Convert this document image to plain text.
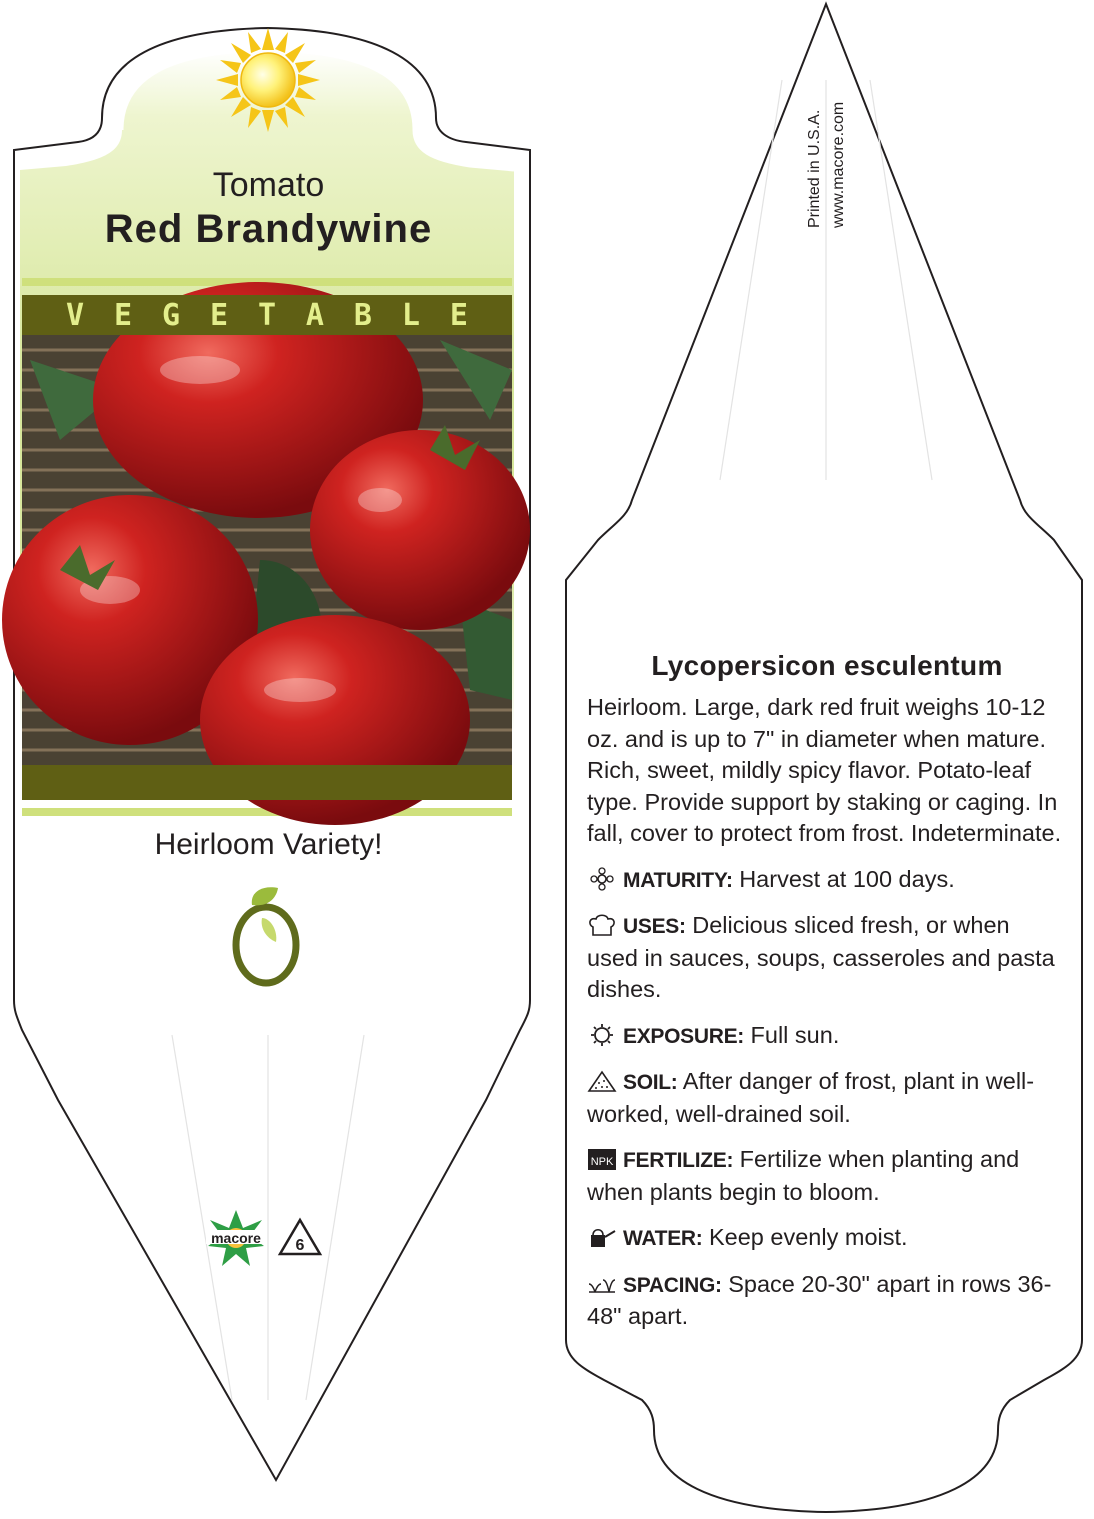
Tomato
Red Brandywine
V E G E T A B L E
Heirloom Variety!
macore	6
Printed in U.S.A. www.macore.com
Lycopersicon esculentum

Heirloom. Large, dark red fruit weighs 10-12 oz. and is up to 7" in diameter when mature. Rich, sweet, mildly spicy flavor. Potato-leaf type. Provide support by staking or caging. In fall, cover to protect from frost. Indeterminate.

MATURITY: Harvest at 100 days.
USES: Delicious sliced fresh, or when used in sauces, soups, casseroles and pasta dishes.
EXPOSURE: Full sun.
SOIL: After danger of frost, plant in well-worked, well-drained soil.
NPK FERTILIZE: Fertilize when planting and when plants begin to bloom.
WATER: Keep evenly moist.
SPACING: Space 20-30" apart in rows 36-48" apart.
